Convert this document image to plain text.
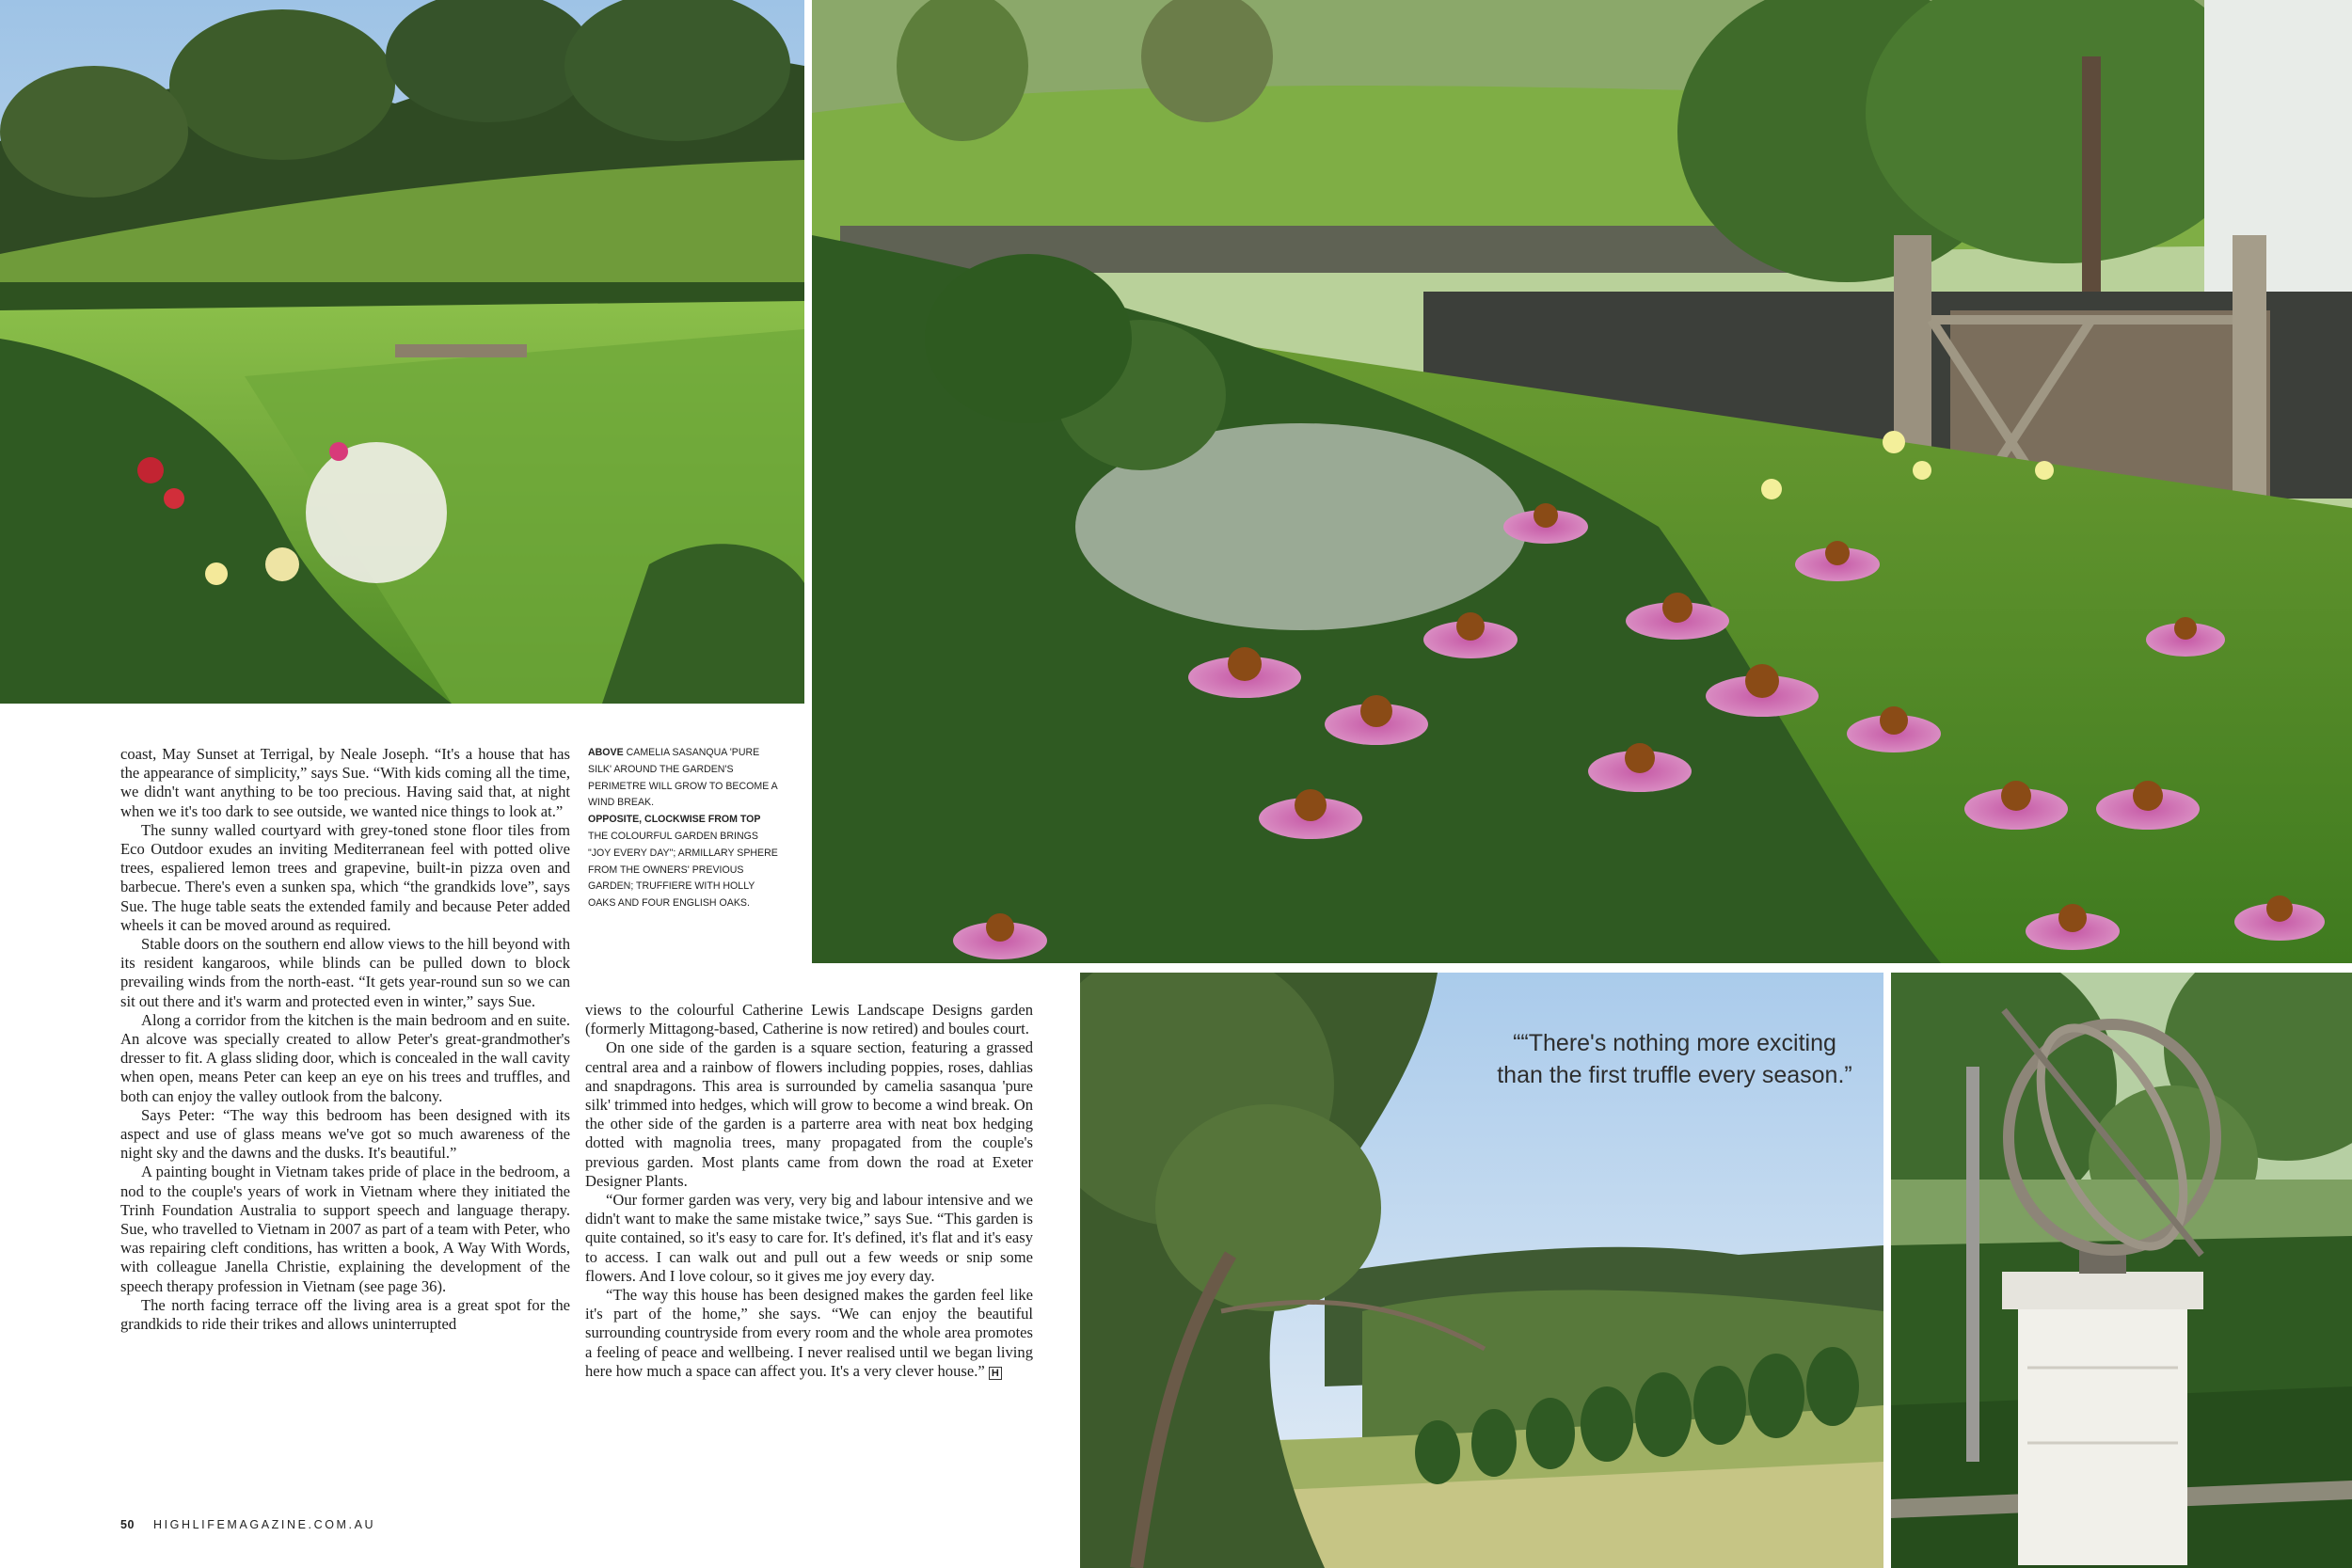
coast, May Sunset at Terrigal, by Neale Joseph. “It's a house that has the appearance of simplicity,” says Sue. “With kids coming all the time, we didn't want anything to be too precious. Having said that, at night when we it's too dark to see outside, we wanted nice things to look at.”

The sunny walled courtyard with grey-toned stone floor tiles from Eco Outdoor exudes an inviting Mediterranean feel with potted olive trees, espaliered lemon trees and grapevine, built-in pizza oven and barbecue. There's even a sunken spa, which “the grandkids love”, says Sue. The huge table seats the extended family and because Peter added wheels it can be moved around as required.

Stable doors on the southern end allow views to the hill beyond with its resident kangaroos, while blinds can be pulled down to block prevailing winds from the north-east. “It gets year-round sun so we can sit out there and it's warm and protected even in winter,” says Sue.

Along a corridor from the kitchen is the main bedroom and en suite. An alcove was specially created to allow Peter's great-grandmother's dresser to fit. A glass sliding door, which is concealed in the wall cavity when open, means Peter can keep an eye on his trees and truffles, and both can enjoy the valley outlook from the balcony.

Says Peter: “The way this bedroom has been designed with its aspect and use of glass means we've got so much awareness of the night sky and the dawns and the dusks. It's beautiful.”

A painting bought in Vietnam takes pride of place in the bedroom, a nod to the couple's years of work in Vietnam where they initiated the Trinh Foundation Australia to support speech and language therapy. Sue, who travelled to Vietnam in 2007 as part of a team with Peter, who was repairing cleft conditions, has written a book, A Way With Words, with colleague Janella Christie, explaining the development of the speech therapy profession in Vietnam (see page 36).

The north facing terrace off the living area is a great spot for the grandkids to ride their trikes and allows uninterrupted

views to the colourful Catherine Lewis Landscape Designs garden (formerly Mittagong-based, Catherine is now retired) and boules court.

On one side of the garden is a square section, featuring a grassed central area and a rainbow of flowers including poppies, roses, dahlias and snapdragons. This area is surrounded by camelia sasanqua 'pure silk' trimmed into hedges, which will grow to become a wind break. On the other side of the garden is a parterre area with neat box hedging dotted with magnolia trees, many propagated from the couple's previous garden. Most plants came from down the road at Exeter Designer Plants.

“Our former garden was very, very big and labour intensive and we didn't want to make the same mistake twice,” says Sue. “This garden is quite contained, so it's easy to care for. It's defined, it's flat and it's easy to access. I can walk out and pull out a few weeds or snip some flowers. And I love colour, so it gives me joy every day.

“The way this house has been designed makes the garden feel like it's part of the home,” she says. “We can enjoy the beautiful surrounding countryside from every room and the whole area promotes a feeling of peace and wellbeing. I never realised until we began living here how much a space can affect you. It's a very clever house.” H

ABOVE CAMELIA SASANQUA 'PURE SILK' AROUND THE GARDEN'S PERIMETRE WILL GROW TO BECOME A WIND BREAK.
OPPOSITE, CLOCKWISE FROM TOP THE COLOURFUL GARDEN BRINGS "JOY EVERY DAY"; ARMILLARY SPHERE FROM THE OWNERS' PREVIOUS GARDEN; TRUFFIERE WITH HOLLY OAKS AND FOUR ENGLISH OAKS.
““There's nothing more exciting than the first truffle every season.”
50 HIGHLIFEMAGAZINE.COM.AU
